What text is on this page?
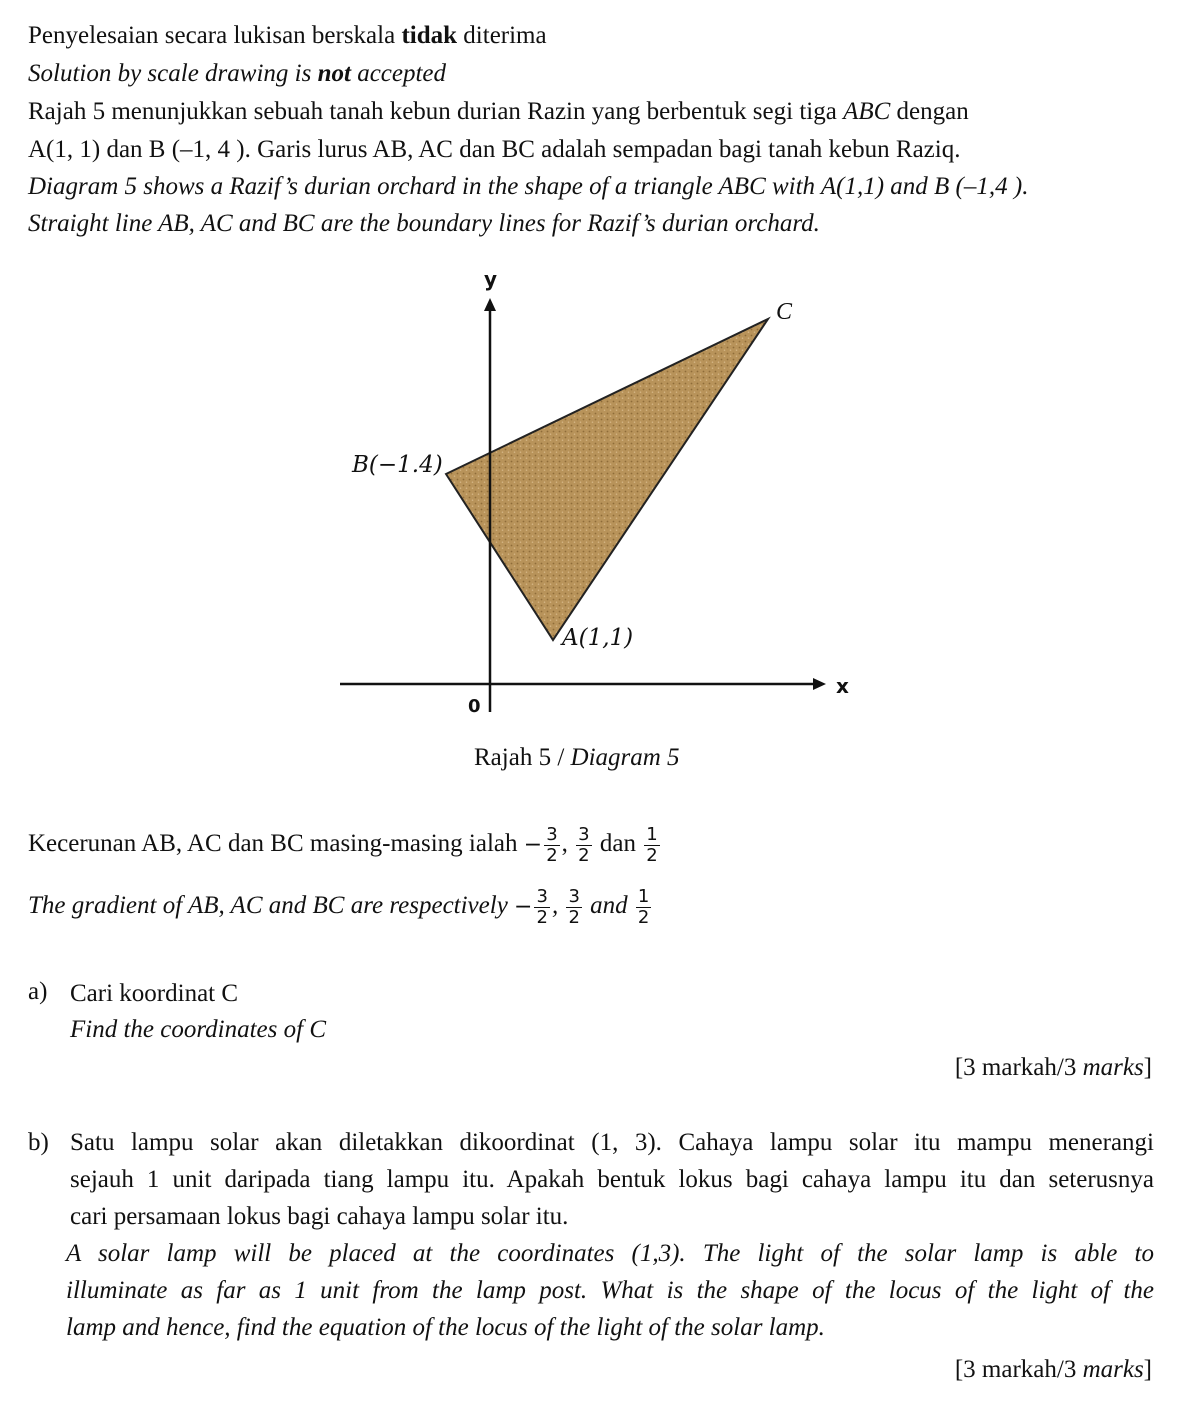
Penyelesaian secara lukisan berskala tidak diterima
Solution by scale drawing is not accepted
Rajah 5 menunjukkan sebuah tanah kebun durian Razin yang berbentuk segi tiga ABC dengan
A(1, 1) dan B (–1, 4 ). Garis lurus AB, AC dan BC adalah sempadan bagi tanah kebun Raziq.
Diagram 5 shows a Razif’s durian orchard in the shape of a triangle ABC with A(1,1) and B (–1,4 ).
Straight line AB, AC and BC are the boundary lines for Razif’s durian orchard.
y
x
0
B(−1.4)
A(1,1)
C
Rajah 5 / Diagram 5
Kecerunan AB, AC dan BC masing-masing ialah − $\frac{3}{2}$ , $\frac{3}{2}$ dan $\frac{1}{2}$
The gradient of AB, AC and BC are respectively − $\frac{3}{2}$ , $\frac{3}{2}$ and $\frac{1}{2}$
a) Cari koordinat C
Find the coordinates of C
[3 markah/3 marks]
b) Satu lampu solar akan diletakkan dikoordinat (1, 3). Cahaya lampu solar itu mampu menerangi
sejauh 1 unit daripada tiang lampu itu. Apakah bentuk lokus bagi cahaya lampu itu dan seterusnya
cari persamaan lokus bagi cahaya lampu solar itu.
A solar lamp will be placed at the coordinates (1,3). The light of the solar lamp is able to
illuminate as far as 1 unit from the lamp post. What is the shape of the locus of the light of the
lamp and hence, find the equation of the locus of the light of the solar lamp.
[3 markah/3 marks]
